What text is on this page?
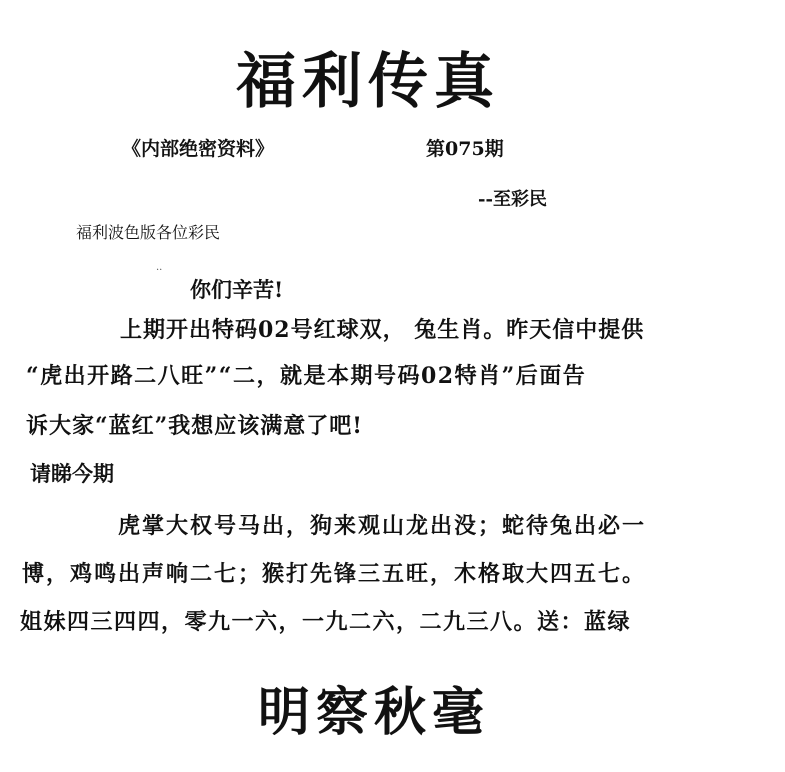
福利传真
《内部绝密资料》	第075期
--至彩民
福利波色版各位彩民
..
你们辛苦!
上期开出特码02号红球双， 兔生肖。昨天信中提供
“虎出开路二八旺”“二，就是本期号码02特肖”后面告
诉大家“蓝红”我想应该满意了吧!
请睇今期
虎掌大权号马出，狗来观山龙出没；蛇待兔出必一
博，鸡鸣出声响二七；猴打先锋三五旺，木格取大四五七。
姐妹四三四四，零九一六，一九二六，二九三八。送：蓝绿
明察秋毫
